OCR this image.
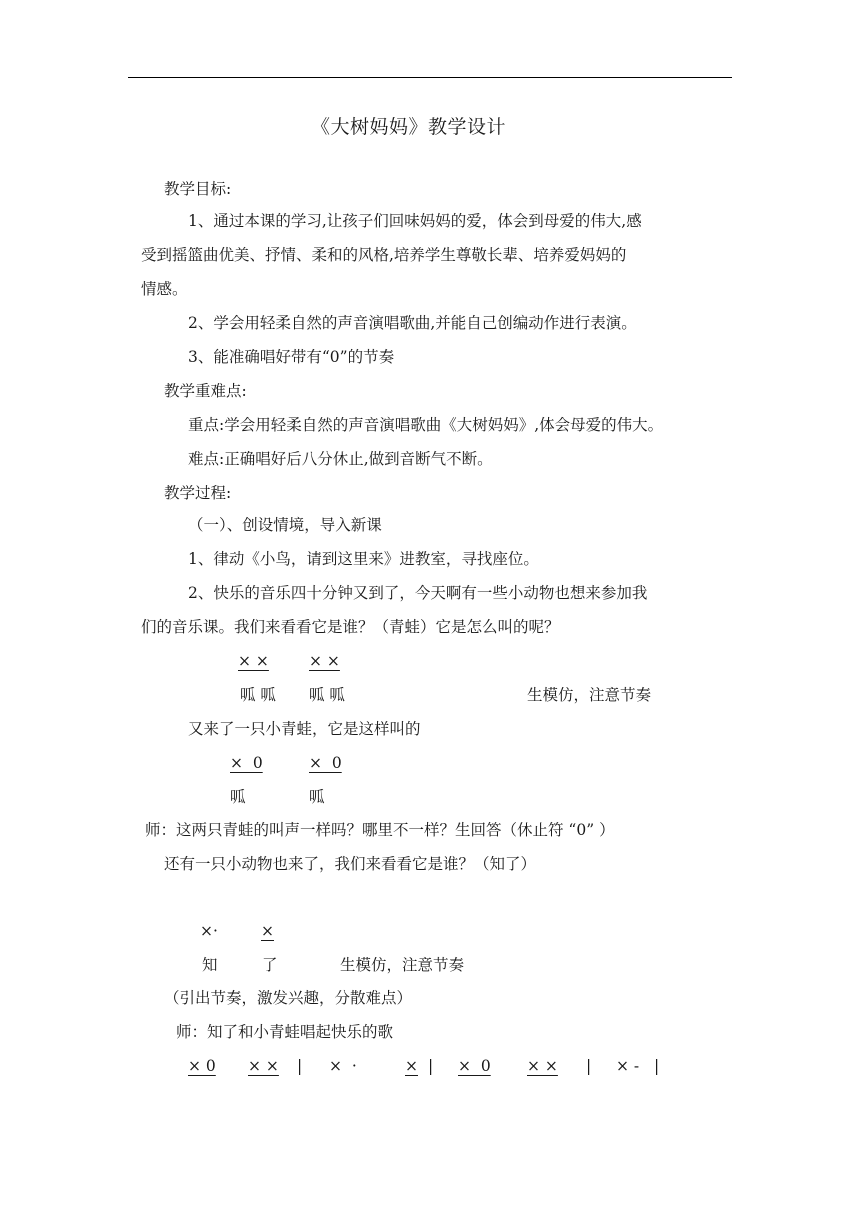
《大树妈妈》教学设计
教学目标:
1、通过本课的学习,让孩子们回味妈妈的爱，体会到母爱的伟大,感
受到摇篮曲优美、抒情、柔和的风格,培养学生尊敬长辈、培养爱妈妈的
情感。
2、学会用轻柔自然的声音演唱歌曲,并能自己创编动作进行表演。
3、能准确唱好带有“0”的节奏
教学重难点:
重点:学会用轻柔自然的声音演唱歌曲《大树妈妈》,体会母爱的伟大。
难点:正确唱好后八分休止,做到音断气不断。
教学过程:
（一）、创设情境，导入新课
1、律动《小鸟，请到这里来》进教室，寻找座位。
2、快乐的音乐四十分钟又到了，今天啊有一些小动物也想来参加我
们的音乐课。我们来看看它是谁？（青蛙）它是怎么叫的呢？
× ×	× ×
呱 呱 呱 呱	生模仿，注意节奏
又来了一只小青蛙，它是这样叫的
×  0	×  0
呱	呱
师：这两只青蛙的叫声一样吗？哪里不一样？生回答（休止符 “0” ）
还有一只小动物也来了，我们来看看它是谁？（知了）
×·	×
知	了	生模仿，注意节奏
（引出节奏，激发兴趣，分散难点）
师：知了和小青蛙唱起快乐的歌
× 0 × × | ×  ·	× | ×  0 × × | × - |
